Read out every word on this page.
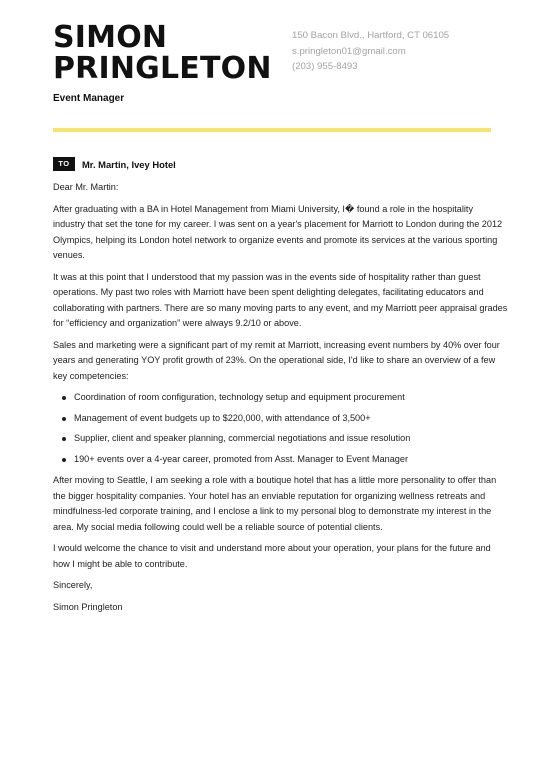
SIMON
PRINGLETON
Event Manager
150 Bacon Blvd., Hartford, CT 06105
s.pringleton01@gmail.com
(203) 955-8493
TO	Mr. Martin, Ivey Hotel

Dear Mr. Martin:

After graduating with a BA in Hotel Management from Miami University, I� found a role in the hospitality
industry that set the tone for my career. I was sent on a year's placement for Marriott to London during the 2012
Olympics, helping its London hotel network to organize events and promote its services at the various sporting
venues.

It was at this point that I understood that my passion was in the events side of hospitality rather than guest
operations. My past two roles with Marriott have been spent delighting delegates, facilitating educators and
collaborating with partners. There are so many moving parts to any event, and my Marriott peer appraisal grades
for “efficiency and organization” were always 9.2/10 or above.

Sales and marketing were a significant part of my remit at Marriott, increasing event numbers by 40% over four
years and generating YOY profit growth of 23%. On the operational side, I'd like to share an overview of a few
key competencies:

Coordination of room configuration, technology setup and equipment procurement
Management of event budgets up to $220,000, with attendance of 3,500+
Supplier, client and speaker planning, commercial negotiations and issue resolution
190+ events over a 4-year career, promoted from Asst. Manager to Event Manager

After moving to Seattle, I am seeking a role with a boutique hotel that has a little more personality to offer than
the bigger hospitality companies. Your hotel has an enviable reputation for organizing wellness retreats and
mindfulness-led corporate training, and I enclose a link to my personal blog to demonstrate my interest in the
area. My social media following could well be a reliable source of potential clients.

I would welcome the chance to visit and understand more about your operation, your plans for the future and
how I might be able to contribute.

Sincerely,

Simon Pringleton
